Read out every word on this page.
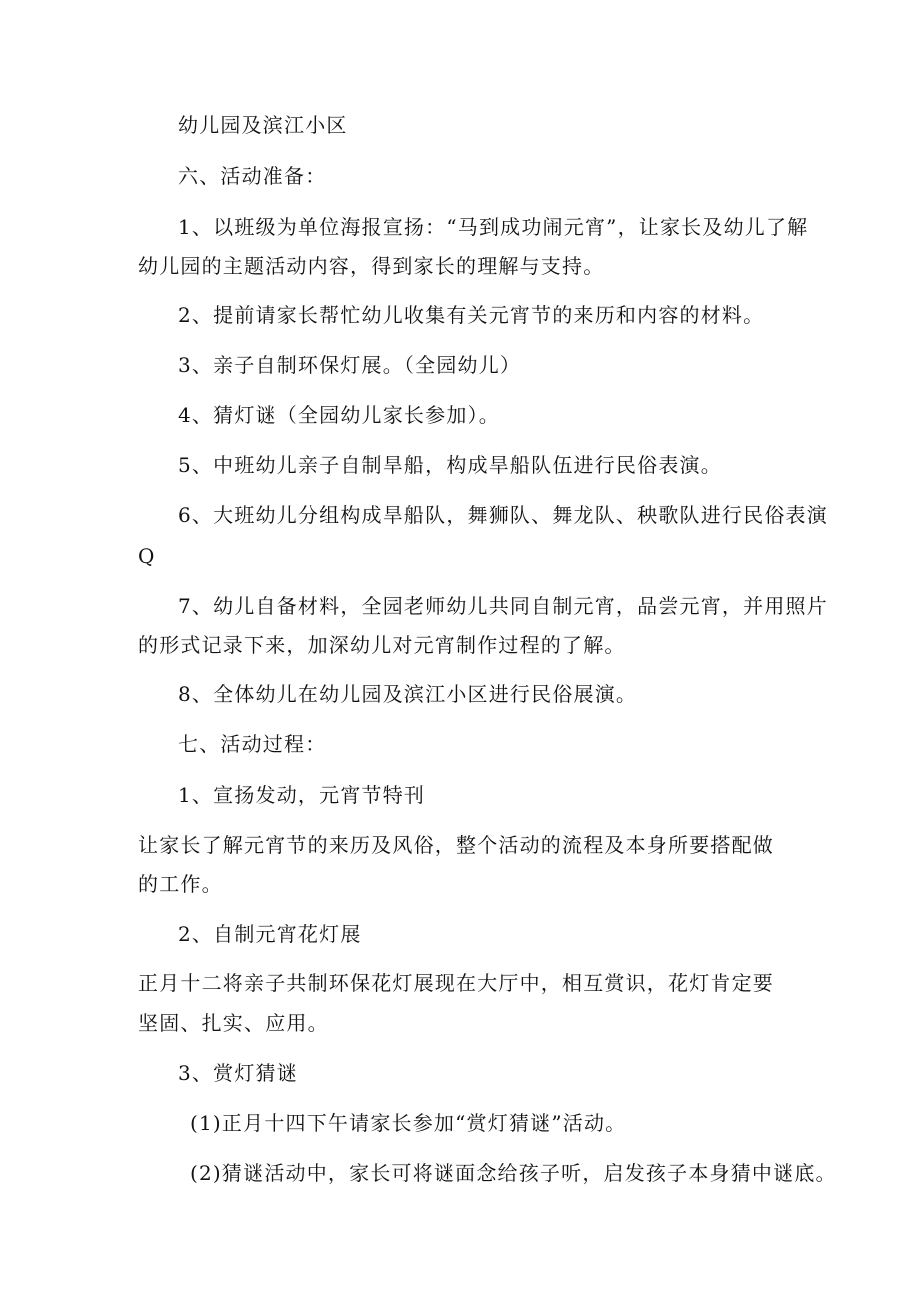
幼儿园及滨江小区
六、活动准备：
1、以班级为单位海报宣扬：“马到成功闹元宵”，让家长及幼儿了解
幼儿园的主题活动内容，得到家长的理解与支持。
2、提前请家长帮忙幼儿收集有关元宵节的来历和内容的材料。
3、亲子自制环保灯展。（全园幼儿）
4、猜灯谜（全园幼儿家长参加）。
5、中班幼儿亲子自制旱船，构成旱船队伍进行民俗表演。
6、大班幼儿分组构成旱船队，舞狮队、舞龙队、秧歌队进行民俗表演
Q
7、幼儿自备材料，全园老师幼儿共同自制元宵，品尝元宵，并用照片
的形式记录下来，加深幼儿对元宵制作过程的了解。
8、全体幼儿在幼儿园及滨江小区进行民俗展演。
七、活动过程：
1、宣扬发动，元宵节特刊
让家长了解元宵节的来历及风俗，整个活动的流程及本身所要搭配做
的工作。
2、自制元宵花灯展
正月十二将亲子共制环保花灯展现在大厅中，相互赏识，花灯肯定要
坚固、扎实、应用。
3、赏灯猜谜
(1)正月十四下午请家长参加“赏灯猜谜”活动。
(2)猜谜活动中，家长可将谜面念给孩子听，启发孩子本身猜中谜底。
